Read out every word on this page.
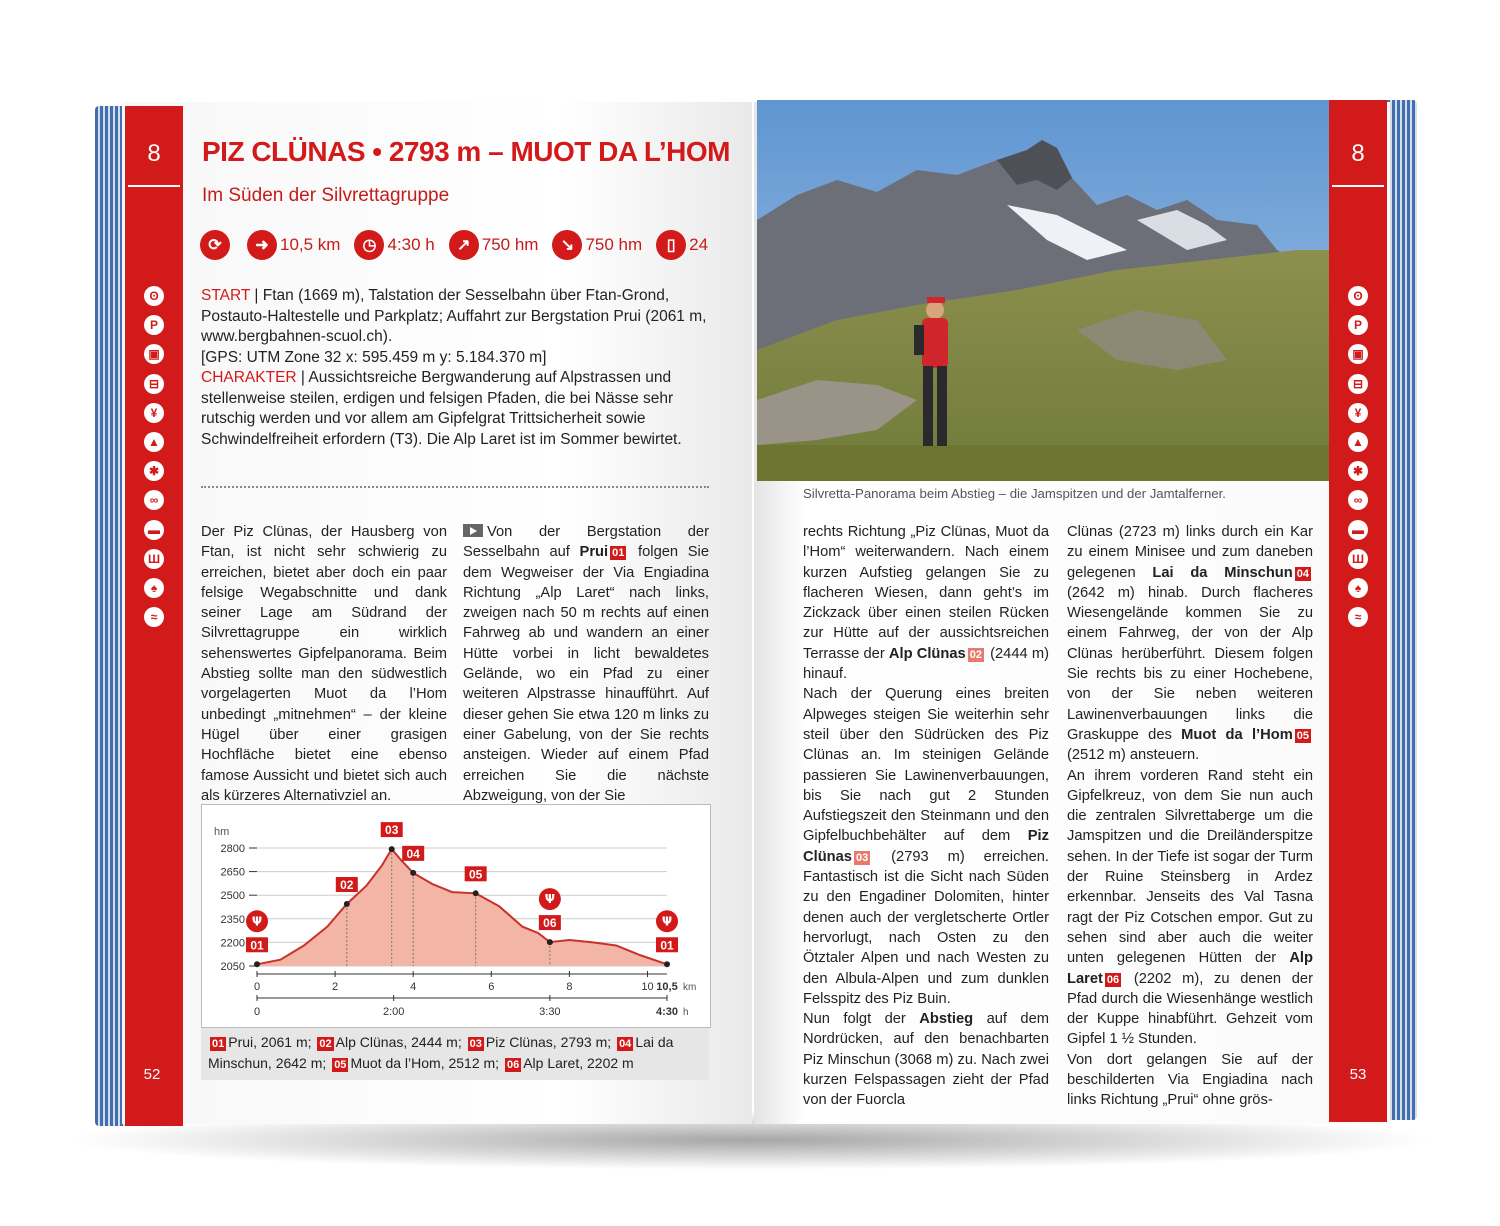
8
ʘ
P
▣
⊟
¥
▲
✱
∞
▬
Ш
♠
≈
52
PIZ CLÜNAS • 2793 m – MUOT DA L’HOM
Im Süden der Silvrettagruppe
⟳	➜ 10,5 km	◷ 4:30 h	↗ 750 hm	↘ 750 hm	▯ 24
START | Ftan (1669 m), Talstation der Sesselbahn über Ftan-Grond, Postauto-Haltestelle und Parkplatz; Auffahrt zur Bergstation Prui (2061 m, www.bergbahnen-scuol.ch).
[GPS: UTM Zone 32 x: 595.459 m y: 5.184.370 m]
CHARAKTER | Aussichtsreiche Bergwanderung auf Alpstrassen und stellenweise steilen, erdigen und felsigen Pfaden, die bei Nässe sehr rutschig werden und vor allem am Gipfelgrat Trittsicherheit sowie Schwindelfreiheit erfordern (T3). Die Alp Laret ist im Sommer bewirtet.
Der Piz Clünas, der Hausberg von Ftan, ist nicht sehr schwierig zu erreichen, bietet aber doch ein paar felsige Wegabschnitte und dank seiner Lage am Südrand der Silvrettagruppe ein wirklich sehenswertes Gipfelpanorama. Beim Abstieg sollte man den südwestlich vorgelagerten Muot da l’Hom unbedingt „mitnehmen“ – der kleine Hügel über einer grasigen Hochfläche bietet eine ebenso famose Aussicht und bietet sich auch als kürzeres Alternativziel an.
Von der Bergstation der Sesselbahn auf Prui 01 folgen Sie dem Wegweiser der Via Engiadina Richtung „Alp Laret“ nach links, zweigen nach 50 m rechts auf einen Fahrweg ab und wandern an einer Hütte vorbei in licht bewaldetes Gelände, wo ein Pfad zu einer weiteren Alpstrasse hinaufführt. Auf dieser gehen Sie etwa 120 m links zu einer Gabelung, von der Sie rechts ansteigen. Wieder auf einem Pfad erreichen Sie die nächste Abzweigung, von der Sie
2050
2200
2350
2500
2650
2800
hm
01
Ψ
02
03
04
05
06
Ψ
01
Ψ
0	2	4	6	8	10 10,5 km
0	2:00	3:30	4:30 h
01 Prui, 2061 m; 02 Alp Clünas, 2444 m; 03 Piz Clünas, 2793 m; 04 Lai da Minschun, 2642 m; 05 Muot da l’Hom, 2512 m; 06 Alp Laret, 2202 m
Silvretta-Panorama beim Abstieg – die Jamspitzen und der Jamtalferner.
8
ʘ
P
▣
⊟
¥
▲
✱
∞
▬
Ш
♠
≈
53
rechts Richtung „Piz Clünas, Muot da l’Hom“ weiterwandern. Nach einem kurzen Aufstieg gelangen Sie zu flacheren Wiesen, dann geht’s im Zickzack über einen steilen Rücken zur Hütte auf der aussichtsreichen Terrasse der Alp Clünas 02 (2444 m) hinauf.
Nach der Querung eines breiten Alpweges steigen Sie weiterhin sehr steil über den Südrücken des Piz Clünas an. Im steinigen Gelände passieren Sie Lawinenverbauungen, bis Sie nach gut 2 Stunden Aufstiegszeit den Steinmann und den Gipfelbuchbehälter auf dem Piz Clünas 03 (2793 m) erreichen. Fantastisch ist die Sicht nach Süden zu den Engadiner Dolomiten, hinter denen auch der vergletscherte Ortler hervorlugt, nach Osten zu den Ötztaler Alpen und nach Westen zu den Albula-Alpen und zum dunklen Felsspitz des Piz Buin.
Nun folgt der Abstieg auf dem Nordrücken, auf den benachbarten Piz Minschun (3068 m) zu. Nach zwei kurzen Felspassagen zieht der Pfad von der Fuorcla
Clünas (2723 m) links durch ein Kar zu einem Minisee und zum daneben gelegenen Lai da Minschun 04 (2642 m) hinab. Durch flacheres Wiesengelände kommen Sie zu einem Fahrweg, der von der Alp Clünas herüberführt. Diesem folgen Sie rechts bis zu einer Hochebene, von der Sie neben weiteren Lawinenverbauungen links die Graskuppe des Muot da l’Hom 05 (2512 m) ansteuern.
An ihrem vorderen Rand steht ein Gipfelkreuz, von dem Sie nun auch die zentralen Silvrettaberge um die Jamspitzen und die Dreiländerspitze sehen. In der Tiefe ist sogar der Turm der Ruine Steinsberg in Ardez erkennbar. Jenseits des Val Tasna ragt der Piz Cotschen empor. Gut zu sehen sind aber auch die weiter unten gelegenen Hütten der Alp Laret 06 (2202 m), zu denen der Pfad durch die Wiesenhänge westlich der Kuppe hinabführt. Gehzeit vom Gipfel 1 ½ Stunden.
Von dort gelangen Sie auf der beschilderten Via Engiadina nach links Richtung „Prui“ ohne grös-
